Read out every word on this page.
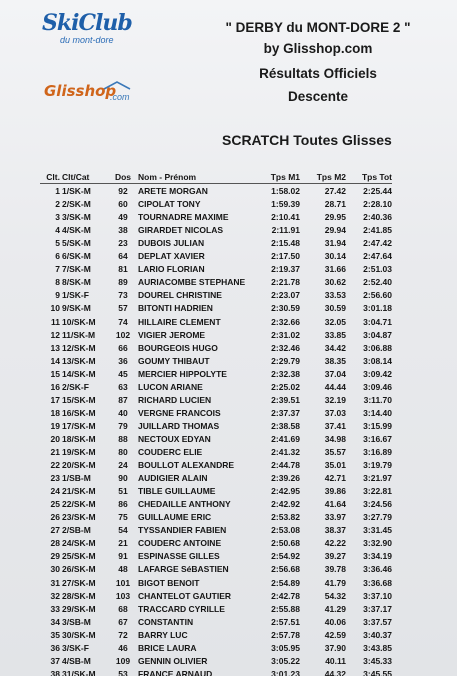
SkiClub
du mont-dore
Glisshop
.com
" DERBY du MONT-DORE 2 "
by Glisshop.com
Résultats Officiels
Descente
SCRATCH Toutes Glisses
Clt. Clt/Cat	Dos Nom - Prénom	Tps M1	Tps M2	Tps Tot
1 1/SK-M	92	ARETE MORGAN	1:58.02	27.42	2:25.44
2 2/SK-M	60	CIPOLAT TONY	1:59.39	28.71	2:28.10
3 3/SK-M	49	TOURNADRE MAXIME	2:10.41	29.95	2:40.36
4 4/SK-M	38	GIRARDET NICOLAS	2:11.91	29.94	2:41.85
5 5/SK-M	23	DUBOIS JULIAN	2:15.48	31.94	2:47.42
6 6/SK-M	64	DEPLAT XAVIER	2:17.50	30.14	2:47.64
7 7/SK-M	81	LARIO FLORIAN	2:19.37	31.66	2:51.03
8 8/SK-M	89	AURIACOMBE STEPHANE	2:21.78	30.62	2:52.40
9 1/SK-F	73	DOUREL CHRISTINE	2:23.07	33.53	2:56.60
10 9/SK-M	57	BITONTI HADRIEN	2:30.59	30.59	3:01.18
11 10/SK-M	74	HILLAIRE CLEMENT	2:32.66	32.05	3:04.71
12 11/SK-M	102 VIGIER JEROME	2:31.02	33.85	3:04.87
13 12/SK-M	66	BOURGEOIS HUGO	2:32.46	34.42	3:06.88
14 13/SK-M	36	GOUMY THIBAUT	2:29.79	38.35	3:08.14
15 14/SK-M	45	MERCIER HIPPOLYTE	2:32.38	37.04	3:09.42
16 2/SK-F	63	LUCON ARIANE	2:25.02	44.44	3:09.46
17 15/SK-M	87	RICHARD LUCIEN	2:39.51	32.19	3:11.70
18 16/SK-M	40	VERGNE FRANCOIS	2:37.37	37.03	3:14.40
19 17/SK-M	79	JUILLARD THOMAS	2:38.58	37.41	3:15.99
20 18/SK-M	88	NECTOUX EDYAN	2:41.69	34.98	3:16.67
21 19/SK-M	80	COUDERC ELIE	2:41.32	35.57	3:16.89
22 20/SK-M	24	BOULLOT ALEXANDRE	2:44.78	35.01	3:19.79
23 1/SB-M	90	AUDIGIER ALAIN	2:39.26	42.71	3:21.97
24 21/SK-M	51	TIBLE GUILLAUME	2:42.95	39.86	3:22.81
25 22/SK-M	86	CHEDAILLE ANTHONY	2:42.92	41.64	3:24.56
26 23/SK-M	75	GUILLAUME ERIC	2:53.82	33.97	3:27.79
27 2/SB-M	54	TYSSANDIER FABIEN	2:53.08	38.37	3:31.45
28 24/SK-M	21	COUDERC ANTOINE	2:50.68	42.22	3:32.90
29 25/SK-M	91	ESPINASSE GILLES	2:54.92	39.27	3:34.19
30 26/SK-M	48	LAFARGE SéBASTIEN	2:56.68	39.78	3:36.46
31 27/SK-M	101 BIGOT BENOIT	2:54.89	41.79	3:36.68
32 28/SK-M	103 CHANTELOT GAUTIER	2:42.78	54.32	3:37.10
33 29/SK-M	68	TRACCARD CYRILLE	2:55.88	41.29	3:37.17
34 3/SB-M	67	CONSTANTIN	2:57.51	40.06	3:37.57
35 30/SK-M	72	BARRY LUC	2:57.78	42.59	3:40.37
36 3/SK-F	46	BRICE LAURA	3:05.95	37.90	3:43.85
37 4/SB-M	109 GENNIN OLIVIER	3:05.22	40.11	3:45.33
38 31/SK-M	53	FRANCE ARNAUD	3:01.23	44.32	3:45.55
